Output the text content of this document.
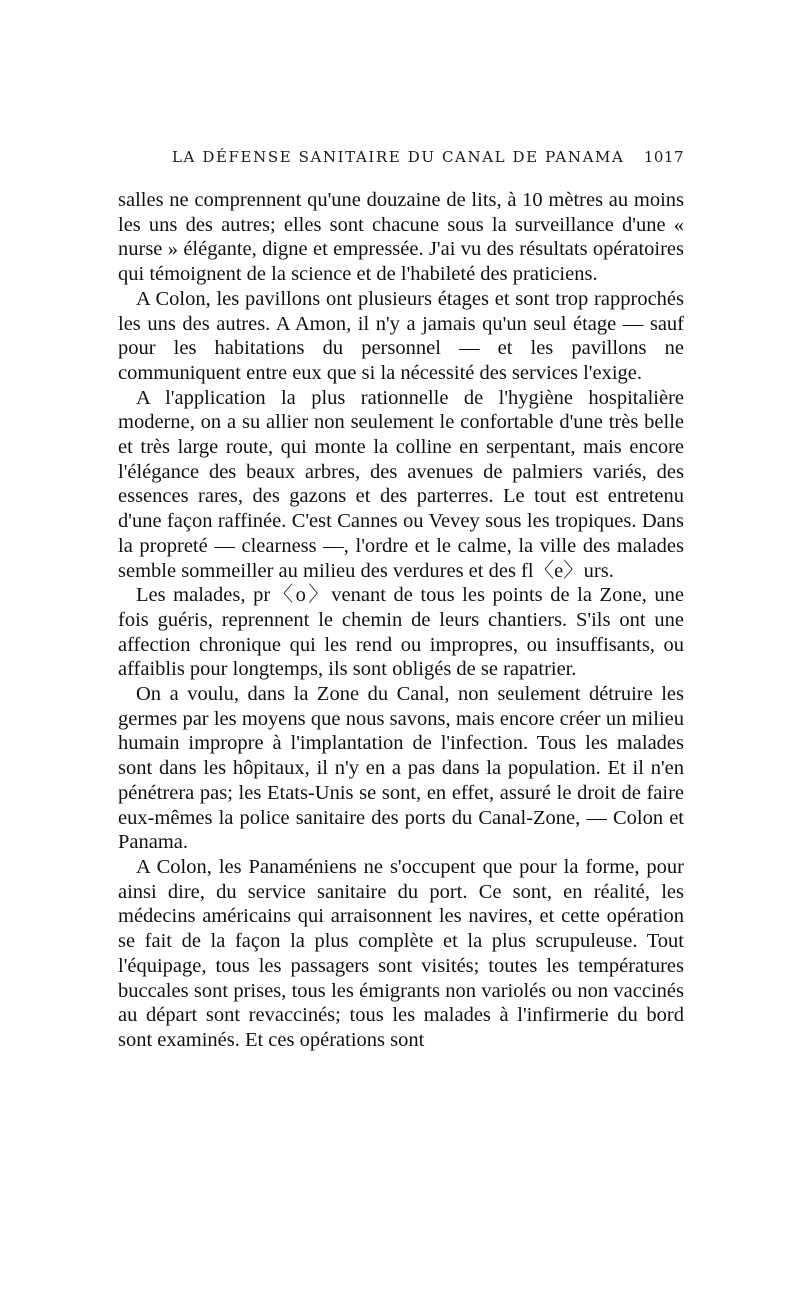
LA DÉFENSE SANITAIRE DU CANAL DE PANAMA 1017

salles ne comprennent qu'une douzaine de lits, à 10 mètres au moins les uns des autres; elles sont chacune sous la surveillance d'une « nurse » élégante, digne et empressée. J'ai vu des résultats opératoires qui témoignent de la science et de l'habileté des praticiens.

A Colon, les pavillons ont plusieurs étages et sont trop rapprochés les uns des autres. A Amon, il n'y a jamais qu'un seul étage — sauf pour les habitations du personnel — et les pavillons ne communiquent entre eux que si la nécessité des services l'exige.

A l'application la plus rationnelle de l'hygiène hospitalière moderne, on a su allier non seulement le confortable d'une très belle et très large route, qui monte la colline en serpentant, mais encore l'élégance des beaux arbres, des avenues de palmiers variés, des essences rares, des gazons et des parterres. Le tout est entretenu d'une façon raffinée. C'est Cannes ou Vevey sous les tropiques. Dans la propreté — clearness —, l'ordre et le calme, la ville des malades semble sommeiller au milieu des verdures et des fl〈e〉urs.

Les malades, pr〈o〉venant de tous les points de la Zone, une fois guéris, reprennent le chemin de leurs chantiers. S'ils ont une affection chronique qui les rend ou impropres, ou insuffisants, ou affaiblis pour longtemps, ils sont obligés de se rapatrier.

On a voulu, dans la Zone du Canal, non seulement détruire les germes par les moyens que nous savons, mais encore créer un milieu humain impropre à l'implantation de l'infection. Tous les malades sont dans les hôpitaux, il n'y en a pas dans la population. Et il n'en pénétrera pas; les Etats-Unis se sont, en effet, assuré le droit de faire eux-mêmes la police sanitaire des ports du Canal-Zone, — Colon et Panama.

A Colon, les Panaméniens ne s'occupent que pour la forme, pour ainsi dire, du service sanitaire du port. Ce sont, en réalité, les médecins américains qui arraisonnent les navires, et cette opération se fait de la façon la plus complète et la plus scrupuleuse. Tout l'équipage, tous les passagers sont visités; toutes les températures buccales sont prises, tous les émigrants non variolés ou non vaccinés au départ sont revaccinés; tous les malades à l'infirmerie du bord sont examinés. Et ces opérations sont
